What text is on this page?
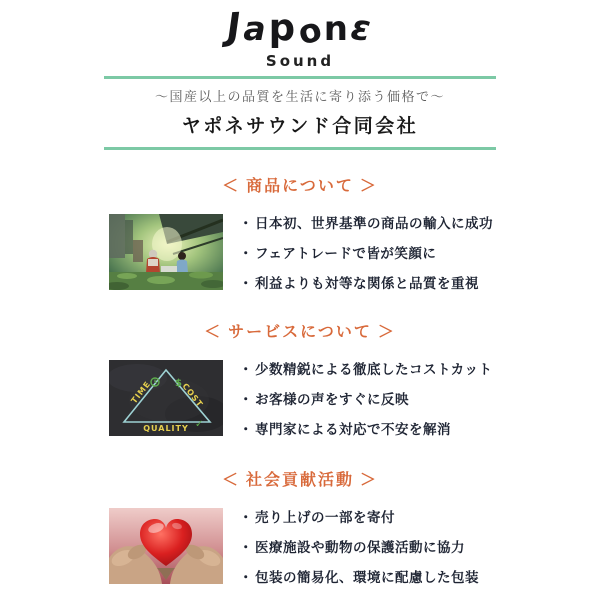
Japonε
Sound
～国産以上の品質を生活に寄り添う価格で～
ヤポネサウンド合同会社
＜ 商品について ＞
・ 日本初、世界基準の商品の輸入に成功
・ フェアトレードで皆が笑顔に
・ 利益よりも対等な関係と品質を重視
＜ サービスについて ＞
TIME	COST
QUALITY
$
✓
・ 少数精鋭による徹底したコストカット
・ お客様の声をすぐに反映
・ 専門家による対応で不安を解消
＜ 社会貢献活動 ＞
・ 売り上げの一部を寄付
・ 医療施設や動物の保護活動に協力
・ 包装の簡易化、環境に配慮した包装
